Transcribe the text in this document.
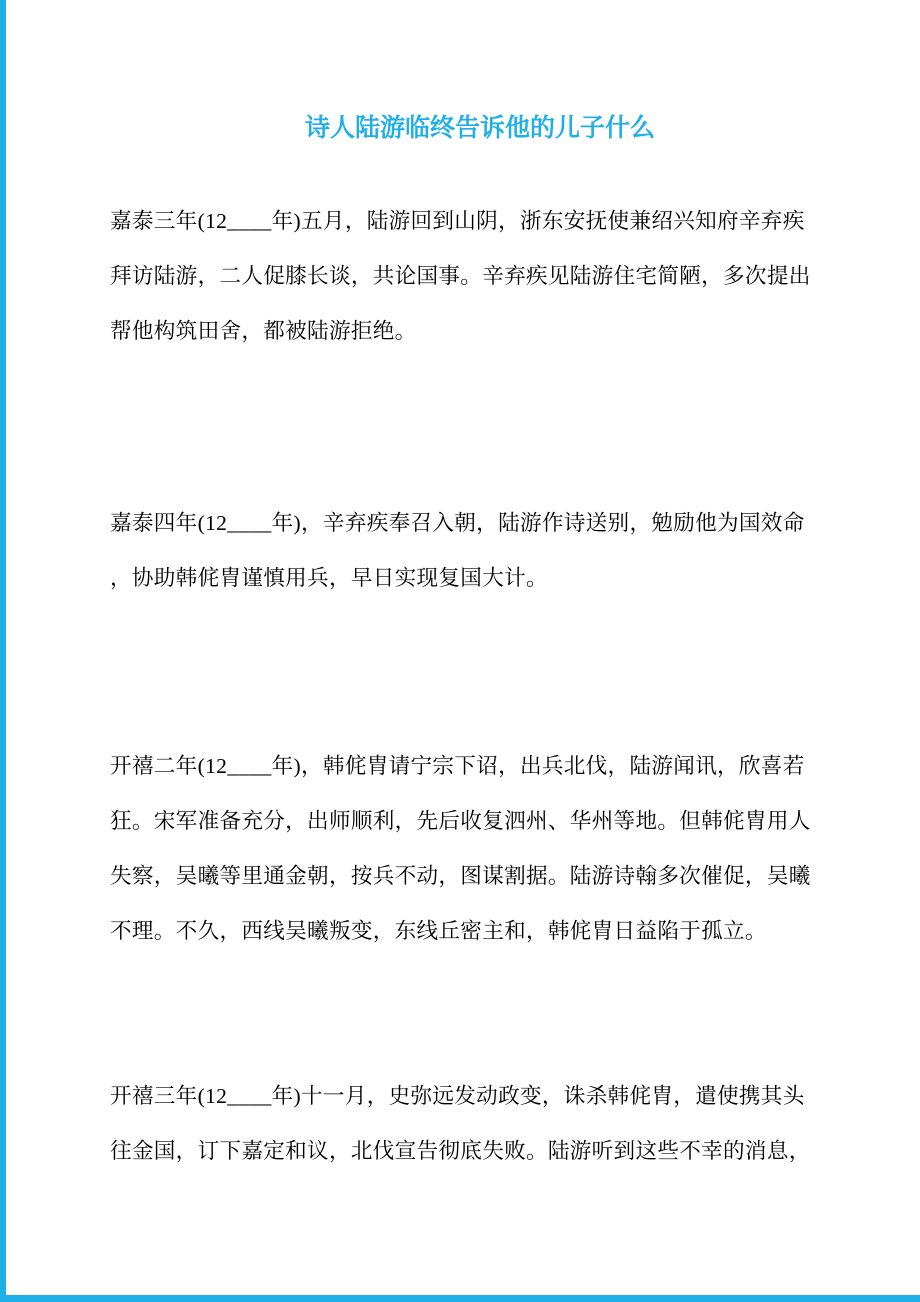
诗人陆游临终告诉他的儿子什么
嘉泰三年(12____年)五月，陆游回到山阴，浙东安抚使兼绍兴知府辛弃疾
拜访陆游，二人促膝长谈，共论国事。辛弃疾见陆游住宅简陋，多次提出
帮他构筑田舍，都被陆游拒绝。
嘉泰四年(12____年)，辛弃疾奉召入朝，陆游作诗送别，勉励他为国效命
，协助韩侂胄谨慎用兵，早日实现复国大计。
开禧二年(12____年)，韩侂胄请宁宗下诏，出兵北伐，陆游闻讯，欣喜若
狂。宋军准备充分，出师顺利，先后收复泗州、华州等地。但韩侂胄用人
失察，吴曦等里通金朝，按兵不动，图谋割据。陆游诗翰多次催促，吴曦
不理。不久，西线吴曦叛变，东线丘密主和，韩侂胄日益陷于孤立。
开禧三年(12____年)十一月，史弥远发动政变，诛杀韩侂胄，遣使携其头
往金国，订下嘉定和议，北伐宣告彻底失败。陆游听到这些不幸的消息，
